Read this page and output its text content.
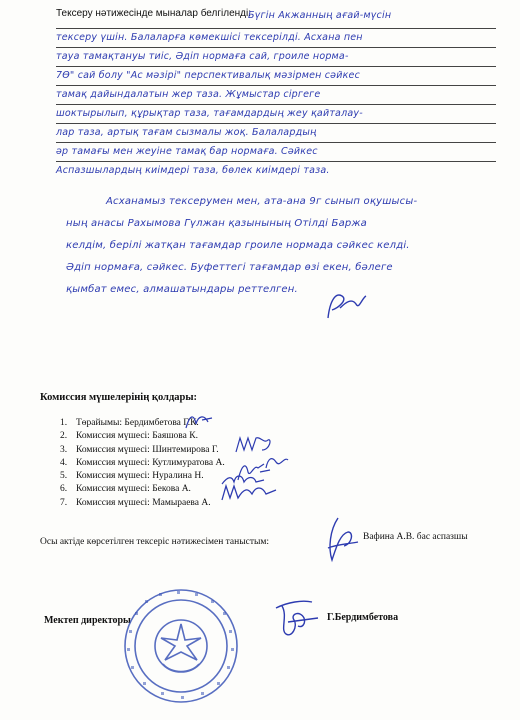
Тексеру нәтижесінде мыналар белгіленді:
Бүгін Акжанның ағай-мүсін
тексеру үшін. Балаларға көмекшісі тексерілді. Асхана пен
тауа тамақтануы тиіс, Әдіп нормаға сай, гроиле норма-
7Ө" сай болу "Ас мәзірі" перспективалық мәзірмен сәйкес
тамақ дайындалатын жер таза. Жұмыстар сіргеге
шоктырылып, құрықтар таза, тағамдардың жеу қайталау-
лар таза, артық тағам сызмалы жоқ. Балалардың
әр тамағы мен жеуіне тамақ бар нормаға. Сәйкес
Аспазшылардың киімдері таза, бөлек киімдері таза.
Асханамыз тексерумен мен, ата-ана 9г сынып оқушысы-
ның анасы Рахымова Гүлжан қазынының Отілді Баржа
келдім, берілі жатқан тағамдар гроиле нормада сәйкес келді.
Әдіп нормаға, сәйкес. Буфеттегі тағамдар өзі екен, бәлеге
қымбат емес, алмашатындары реттелген.
Комиссия мүшелерінің қолдары:
1. Төрайымы: Бердимбетова Г.К.
2. Комиссия мүшесі: Баяшова К.
3. Комиссия мүшесі: Шинтемирова Г.
4. Комиссия мүшесі: Кутлимуратова А.
5. Комиссия мүшесі: Нуралина Н.
6. Комиссия мүшесі: Бекова А.
7. Комиссия мүшесі: Мамыраева А.
Осы актіде көрсетілген тексеріс нәтижесімен таныстым:	Вафина А.В. бас аспазшы
Мектеп директоры	Г.Бердимбетова
